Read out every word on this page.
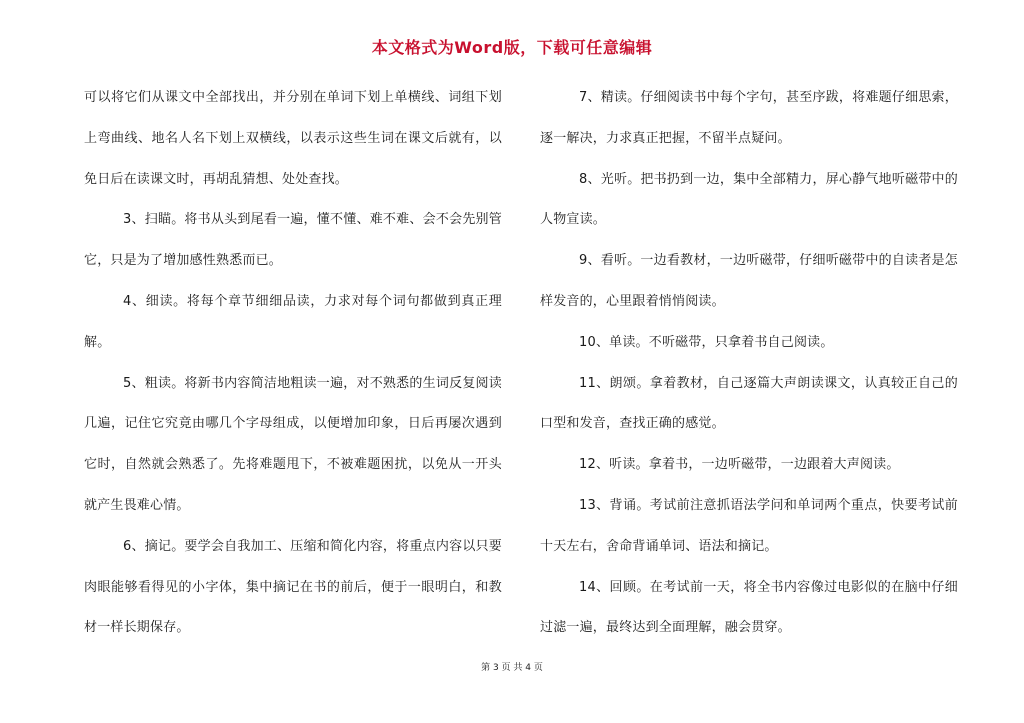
本文格式为Word版，下载可任意编辑

可以将它们从课文中全部找出，并分别在单词下划上单横线、词组下划上弯曲线、地名人名下划上双横线，以表示这些生词在课文后就有，以免日后在读课文时，再胡乱猜想、处处查找。

3、扫瞄。将书从头到尾看一遍，懂不懂、难不难、会不会先别管它，只是为了增加感性熟悉而已。

4、细读。将每个章节细细品读，力求对每个词句都做到真正理解。

5、粗读。将新书内容简洁地粗读一遍，对不熟悉的生词反复阅读几遍，记住它究竟由哪几个字母组成，以便增加印象，日后再屡次遇到它时，自然就会熟悉了。先将难题甩下，不被难题困扰，以免从一开头就产生畏难心情。

6、摘记。要学会自我加工、压缩和简化内容，将重点内容以只要肉眼能够看得见的小字体，集中摘记在书的前后，便于一眼明白，和教材一样长期保存。

7、精读。仔细阅读书中每个字句，甚至序跋，将难题仔细思索，逐一解决，力求真正把握，不留半点疑问。

8、光听。把书扔到一边，集中全部精力，屏心静气地听磁带中的人物宣读。

9、看听。一边看教材，一边听磁带，仔细听磁带中的自读者是怎样发音的，心里跟着悄悄阅读。

10、单读。不听磁带，只拿着书自己阅读。

11、朗颂。拿着教材，自己逐篇大声朗读课文，认真较正自己的口型和发音，查找正确的感觉。

12、听读。拿着书，一边听磁带，一边跟着大声阅读。

13、背诵。考试前注意抓语法学问和单词两个重点，快要考试前十天左右，舍命背诵单词、语法和摘记。

14、回顾。在考试前一天，将全书内容像过电影似的在脑中仔细过滤一遍，最终达到全面理解，融会贯穿。

第 3 页 共 4 页
